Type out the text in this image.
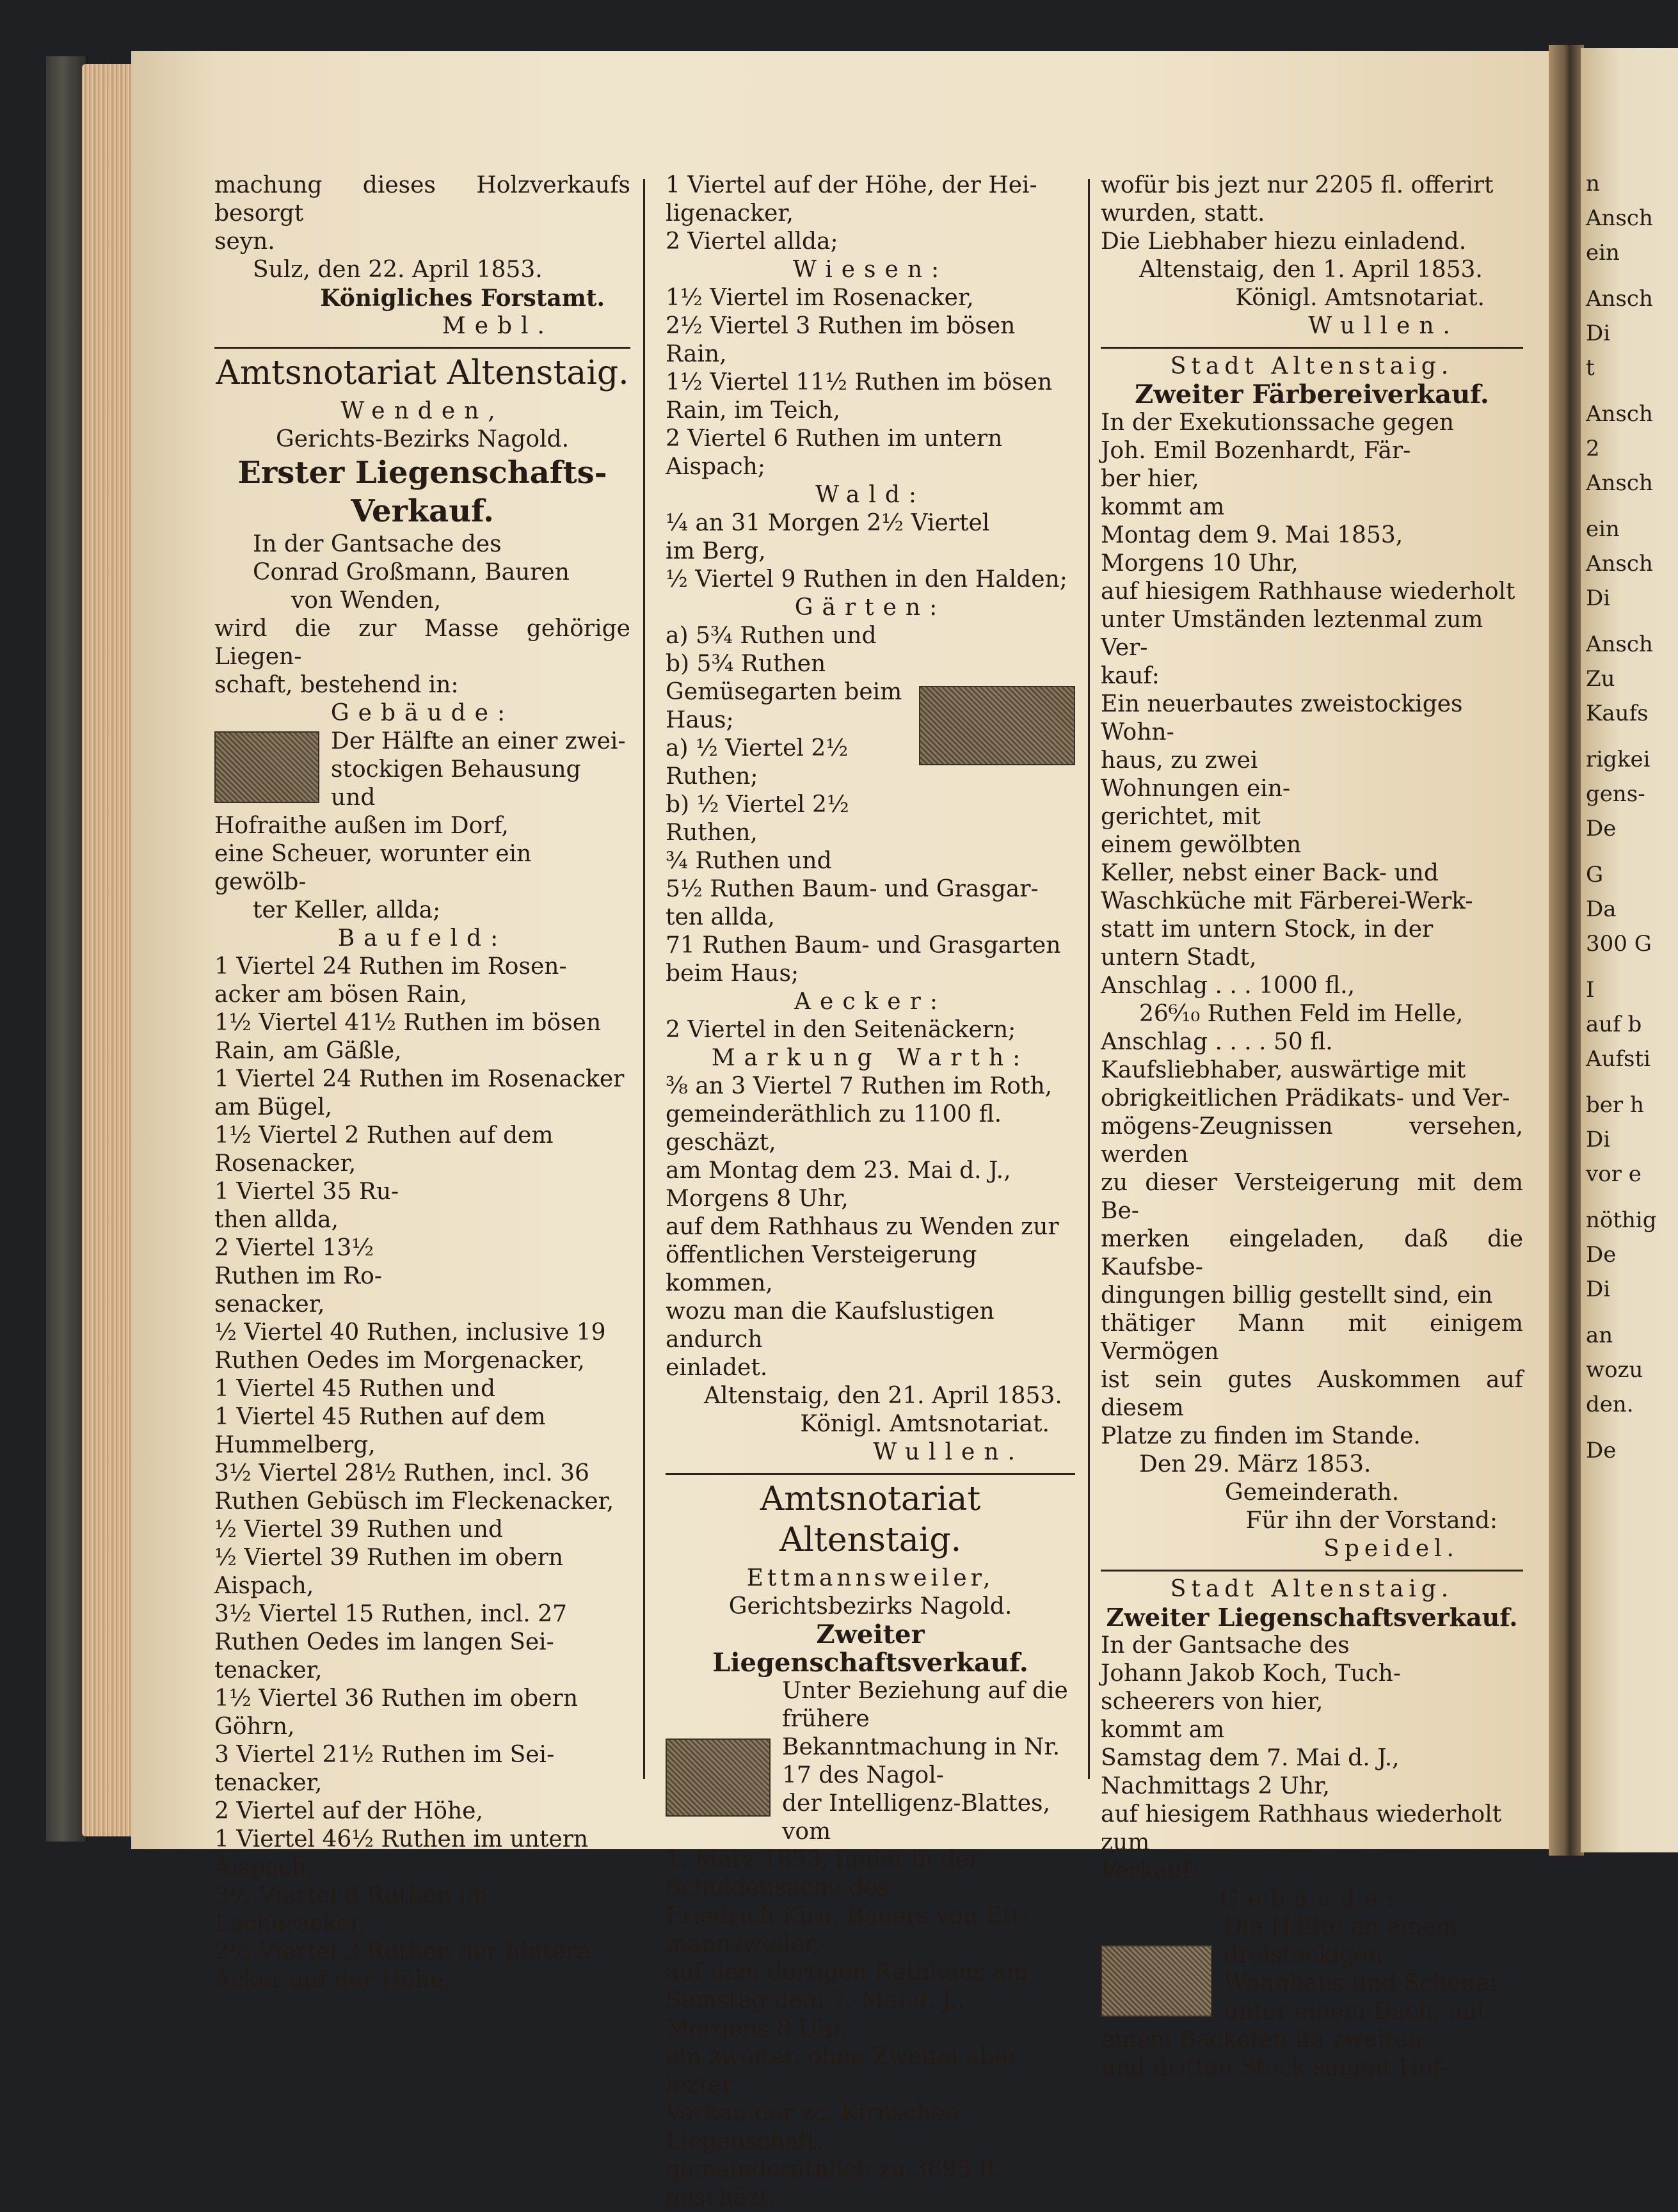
n
Ansch
ein
Ansch
Di
t
Ansch
2
Ansch
ein
Ansch
Di
Ansch
Zu
Kaufs
rigkei
gens-
De
G
Da
300 G
I
auf b
Aufsti
ber h
Di
vor e
nöthig
De
Di
an
wozu
den.
De

machung dieses Holzverkaufs besorgt

seyn.

Sulz, den 22. April 1853.

Königliches Forstamt.

Mebl.

Amtsnotariat Altenstaig.

Wenden,

Gerichts-Bezirks Nagold.

Erster Liegenschafts-

Verkauf.

In der Gantsache des

Conrad Großmann, Bauren

von Wenden,

wird die zur Masse gehörige Liegen-

schaft, bestehend in:

Gebäude:

Der Hälfte an einer zwei-

stockigen Behausung und

Hofraithe außen im Dorf,

eine Scheuer, worunter ein gewölb-

ter Keller, allda;

Baufeld:

1 Viertel 24 Ruthen im Rosen-

acker am bösen Rain,

1½ Viertel 41½ Ruthen im bösen

Rain, am Gäßle,

1 Viertel 24 Ruthen im Rosenacker

am Bügel,

1½ Viertel 2 Ruthen auf dem

Rosenacker,

1 Viertel 35 Ru-

then allda,

2 Viertel 13½

Ruthen im Ro-

senacker,

½ Viertel 40 Ruthen, inclusive 19

Ruthen Oedes im Morgenacker,

1 Viertel 45 Ruthen und

1 Viertel 45 Ruthen auf dem

Hummelberg,

3½ Viertel 28½ Ruthen, incl. 36

Ruthen Gebüsch im Fleckenacker,

½ Viertel 39 Ruthen und

½ Viertel 39 Ruthen im obern

Aispach,

3½ Viertel 15 Ruthen, incl. 27

Ruthen Oedes im langen Sei-

tenacker,

1½ Viertel 36 Ruthen im obern

Göhrn,

3 Viertel 21½ Ruthen im Sei-

tenacker,

2 Viertel auf der Höhe,

1 Viertel 46½ Ruthen im untern

Aispach,

3½ Viertel 8 Ruthen im Locheracker,

2½ Viertel 3 Ruthen der hintere

Acker auf der Höhe,

1 Viertel auf der Höhe, der Hei-

ligenacker,

2 Viertel allda;

Wiesen:

1½ Viertel im Rosenacker,

2½ Viertel 3 Ruthen im bösen

Rain,

1½ Viertel 11½ Ruthen im bösen

Rain, im Teich,

2 Viertel 6 Ruthen im untern Aispach;

Wald:

¼ an 31 Morgen 2½ Viertel

im Berg,

½ Viertel 9 Ruthen in den Halden;

Gärten:

a) 5¾ Ruthen und

b) 5¾ Ruthen Gemüsegarten beim

Haus;

a) ½ Viertel 2½

Ruthen;

b) ½ Viertel 2½

Ruthen,

¾ Ruthen und

5½ Ruthen Baum- und Grasgar-

ten allda,

71 Ruthen Baum- und Grasgarten

beim Haus;

Aecker:

2 Viertel in den Seitenäckern;

Markung Warth:

⅜ an 3 Viertel 7 Ruthen im Roth,

gemeinderäthlich zu 1100 fl. geschäzt,

am Montag dem 23. Mai d. J.,

Morgens 8 Uhr,

auf dem Rathhaus zu Wenden zur

öffentlichen Versteigerung kommen,

wozu man die Kaufslustigen andurch

einladet.

Altenstaig, den 21. April 1853.

Königl. Amtsnotariat.

Wullen.

Amtsnotariat Altenstaig.

Ettmannsweiler,

Gerichtsbezirks Nagold.

Zweiter Liegenschaftsverkauf.

Unter Beziehung auf die frühere

Bekanntmachung in Nr. 17 des Nagol-

der Intelligenz-Blattes, vom

1. März 1853, findet in der

Schuldensache des

Friedrich Kirn, Bauers von Ett-

mannsweiler,

auf dem dortigen Rathhaus am

Samstag dem 7. Mai d. J.,

Morgens 8 Uhr,

ein zweiter, ohne Zweifel aber lezter

Verkau der zc. Kirnschen Liegenschaft,

gemeinderäthlich zu 3895 fl. geschäzt,

wofür bis jezt nur 2205 fl. offerirt

wurden, statt.

Die Liebhaber hiezu einladend.

Altenstaig, den 1. April 1853.

Königl. Amtsnotariat.

Wullen.

Stadt Altenstaig.

Zweiter Färbereiverkauf.

In der Exekutionssache gegen

Joh. Emil Bozenhardt, Fär-

ber hier,

kommt am

Montag dem 9. Mai 1853,

Morgens 10 Uhr,

auf hiesigem Rathhause wiederholt

unter Umständen leztenmal zum Ver-

kauf:

Ein neuerbautes zweistockiges Wohn-

haus, zu zwei

Wohnungen ein-

gerichtet, mit

einem gewölbten

Keller, nebst einer Back- und

Waschküche mit Färberei-Werk-

statt im untern Stock, in der

untern Stadt,

Anschlag . . . 1000 fl.,

26⁶⁄₁₀ Ruthen Feld im Helle,

Anschlag . . . . 50 fl.

Kaufsliebhaber, auswärtige mit

obrigkeitlichen Prädikats- und Ver-

mögens-Zeugnissen versehen, werden

zu dieser Versteigerung mit dem Be-

merken eingeladen, daß die Kaufsbe-

dingungen billig gestellt sind, ein

thätiger Mann mit einigem Vermögen

ist sein gutes Auskommen auf diesem

Platze zu finden im Stande.

Den 29. März 1853.

Gemeinderath.

Für ihn der Vorstand:

Speidel.

Stadt Altenstaig.

Zweiter Liegenschaftsverkauf.

In der Gantsache des

Johann Jakob Koch, Tuch-

scheerers von hier,

kommt am

Samstag dem 7. Mai d. J.,

Nachmittags 2 Uhr,

auf hiesigem Rathhaus wiederholt zum

Verkauf:

Gebäude:

Die Hälfte an einem dreistockigen

Wohnhaus und Scheuer

unter einem Dach, mit

einem Backofen im zweiten

und dritten Stock sammt Hof-
